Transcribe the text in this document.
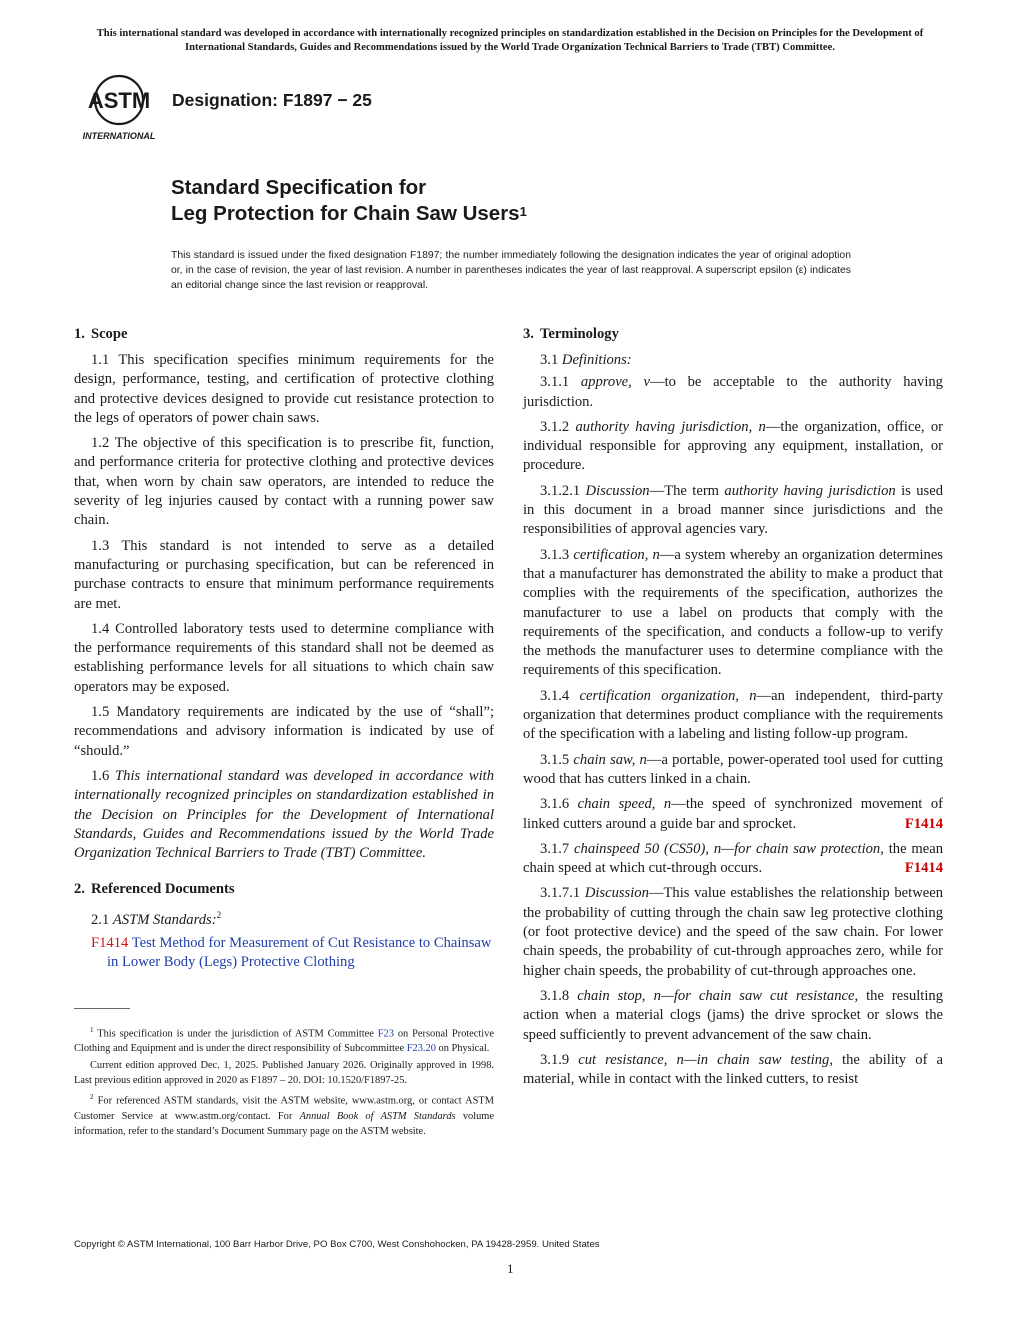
This international standard was developed in accordance with internationally recognized principles on standardization established in the Decision on Principles for the Development of International Standards, Guides and Recommendations issued by the World Trade Organization Technical Barriers to Trade (TBT) Committee.
ASTM
INTERNATIONAL
Designation: F1897 − 25
Standard Specification for
Leg Protection for Chain Saw Users$^1$
This standard is issued under the fixed designation F1897; the number immediately following the designation indicates the year of original adoption or, in the case of revision, the year of last revision. A number in parentheses indicates the year of last reapproval. A superscript epsilon (ε) indicates an editorial change since the last revision or reapproval.
1. Scope

1.1 This specification specifies minimum requirements for the design, performance, testing, and certification of protective clothing and protective devices designed to provide cut resistance protection to the legs of operators of power chain saws.

1.2 The objective of this specification is to prescribe fit, function, and performance criteria for protective clothing and protective devices that, when worn by chain saw operators, are intended to reduce the severity of leg injuries caused by contact with a running power saw chain.

1.3 This standard is not intended to serve as a detailed manufacturing or purchasing specification, but can be referenced in purchase contracts to ensure that minimum performance requirements are met.

1.4 Controlled laboratory tests used to determine compliance with the performance requirements of this standard shall not be deemed as establishing performance levels for all situations to which chain saw operators may be exposed.

1.5 Mandatory requirements are indicated by the use of “shall”; recommendations and advisory information is indicated by use of “should.”

1.6 This international standard was developed in accordance with internationally recognized principles on standardization established in the Decision on Principles for the Development of International Standards, Guides and Recommendations issued by the World Trade Organization Technical Barriers to Trade (TBT) Committee.

2. Referenced Documents

2.1 ASTM Standards:$^2$

F1414 Test Method for Measurement of Cut Resistance to Chainsaw in Lower Body (Legs) Protective Clothing

$^1$ This specification is under the jurisdiction of ASTM Committee F23 on Personal Protective Clothing and Equipment and is under the direct responsibility of Subcommittee F23.20 on Physical.

Current edition approved Dec. 1, 2025. Published January 2026. Originally approved in 1998. Last previous edition approved in 2020 as F1897 – 20. DOI: 10.1520/F1897-25.

$^2$ For referenced ASTM standards, visit the ASTM website, www.astm.org, or contact ASTM Customer Service at www.astm.org/contact. For Annual Book of ASTM Standards volume information, refer to the standard’s Document Summary page on the ASTM website.

3. Terminology

3.1 Definitions:

3.1.1 approve, v—to be acceptable to the authority having jurisdiction.

3.1.2 authority having jurisdiction, n—the organization, office, or individual responsible for approving any equipment, installation, or procedure.

3.1.2.1 Discussion—The term authority having jurisdiction is used in this document in a broad manner since jurisdictions and the responsibilities of approval agencies vary.

3.1.3 certification, n—a system whereby an organization determines that a manufacturer has demonstrated the ability to make a product that complies with the requirements of the specification, authorizes the manufacturer to use a label on products that comply with the requirements of the specification, and conducts a follow-up to verify the methods the manufacturer uses to determine compliance with the requirements of this specification.

3.1.4 certification organization, n—an independent, third-party organization that determines product compliance with the requirements of the specification with a labeling and listing follow-up program.

3.1.5 chain saw, n—a portable, power-operated tool used for cutting wood that has cutters linked in a chain.

3.1.6 chain speed, n—the speed of synchronized movement of linked cutters around a guide bar and sprocket.	F1414

3.1.7 chainspeed 50 (CS50), n—for chain saw protection, the mean chain speed at which cut-through occurs.	F1414

3.1.7.1 Discussion—This value establishes the relationship between the probability of cutting through the chain saw leg protective clothing (or foot protective device) and the speed of the saw chain. For lower chain speeds, the probability of cut-through approaches zero, while for higher chain speeds, the probability of cut-through approaches one.

3.1.8 chain stop, n—for chain saw cut resistance, the resulting action when a material clogs (jams) the drive sprocket or slows the speed sufficiently to prevent advancement of the saw chain.

3.1.9 cut resistance, n—in chain saw testing, the ability of a material, while in contact with the linked cutters, to resist

Copyright © ASTM International, 100 Barr Harbor Drive, PO Box C700, West Conshohocken, PA 19428-2959. United States
1
